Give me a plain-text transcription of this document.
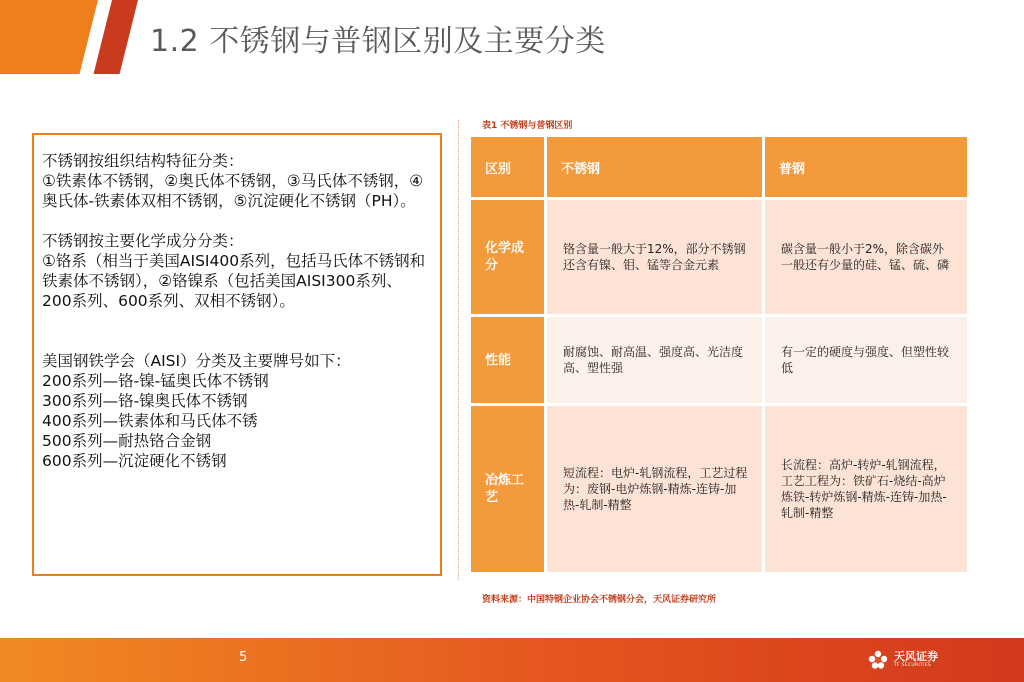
1.2 不锈钢与普钢区别及主要分类

不锈钢按组织结构特征分类：
①铁素体不锈钢，②奥氏体不锈钢，③马氏体不锈钢，④奥氏体-铁素体双相不锈钢，⑤沉淀硬化不锈钢（PH）。

不锈钢按主要化学成分分类：
①铬系（相当于美国AISI400系列，包括马氏体不锈钢和铁素体不锈钢），②铬镍系（包括美国AISI300系列、200系列、600系列、双相不锈钢）。

美国钢铁学会（AISI）分类及主要牌号如下：
200系列—铬-镍-锰奥氏体不锈钢
300系列—铬-镍奥氏体不锈钢
400系列—铁素体和马氏体不锈
500系列—耐热铬合金钢
600系列—沉淀硬化不锈钢

表1 不锈钢与普钢区别
区别	不锈钢	普钢
化学成分	铬含量一般大于12%，部分不锈钢还含有镍、钼、锰等合金元素	碳含量一般小于2%，除含碳外一般还有少量的硅、锰、硫、磷
性能	耐腐蚀、耐高温、强度高、光洁度高、塑性强	有一定的硬度与强度、但塑性较低
冶炼工艺	短流程：电炉-轧钢流程，工艺过程为：废钢-电炉炼钢-精炼-连铸-加热-轧制-精整	长流程：高炉-转炉-轧钢流程，工艺工程为：铁矿石-烧结-高炉炼铁-转炉炼钢-精炼-连铸-加热-轧制-精整
资料来源：中国特钢企业协会不锈钢分会，天风证券研究所
5	天风证券
TF SECURITIES
